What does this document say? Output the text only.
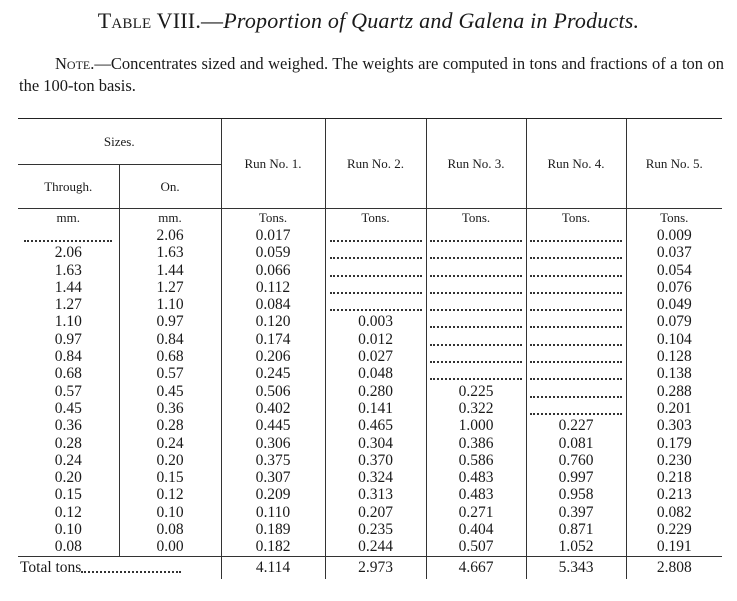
Table VIII.—Proportion of Quartz and Galena in Products.
Note.—Concentrates sized and weighed. The weights are computed in tons and fractions of a ton on the 100-ton basis.
Sizes.		Run No. 1.	Run No. 2.	Run No. 3.	Run No. 4.	Run No. 5.
Through.	On.					
mm.	mm.	Tons.	Tons.	Tons.	Tons.	Tons.
	2.06	0.017				0.009
2.06	1.63	0.059				0.037
1.63	1.44	0.066				0.054
1.44	1.27	0.112				0.076
1.27	1.10	0.084				0.049
1.10	0.97	0.120	0.003			0.079
0.97	0.84	0.174	0.012			0.104
0.84	0.68	0.206	0.027			0.128
0.68	0.57	0.245	0.048			0.138
0.57	0.45	0.506	0.280	0.225		0.288
0.45	0.36	0.402	0.141	0.322		0.201
0.36	0.28	0.445	0.465	1.000	0.227	0.303
0.28	0.24	0.306	0.304	0.386	0.081	0.179
0.24	0.20	0.375	0.370	0.586	0.760	0.230
0.20	0.15	0.307	0.324	0.483	0.997	0.218
0.15	0.12	0.209	0.313	0.483	0.958	0.213
0.12	0.10	0.110	0.207	0.271	0.397	0.082
0.10	0.08	0.189	0.235	0.404	0.871	0.229
0.08	0.00	0.182	0.244	0.507	1.052	0.191
Total tons		4.114	2.973	4.667	5.343	2.808
